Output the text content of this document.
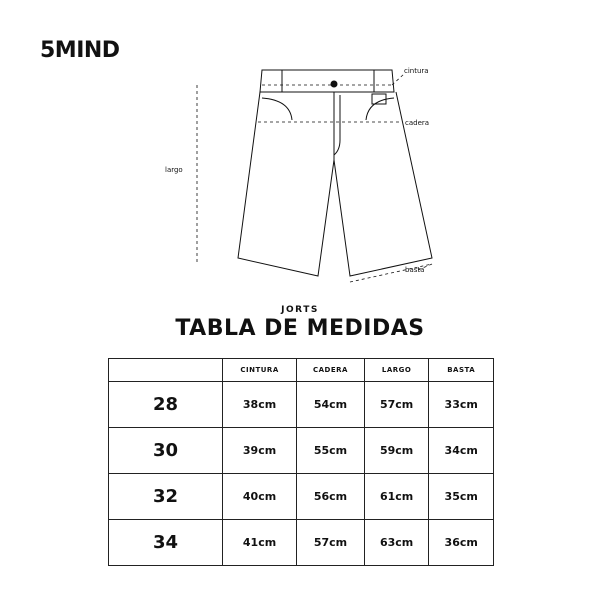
5MIND
cintura
cadera
largo
basta
JORTS
TABLA DE MEDIDAS
	CINTURA	CADERA	LARGO	BASTA
28	38cm	54cm	57cm	33cm
30	39cm	55cm	59cm	34cm
32	40cm	56cm	61cm	35cm
34	41cm	57cm	63cm	36cm
